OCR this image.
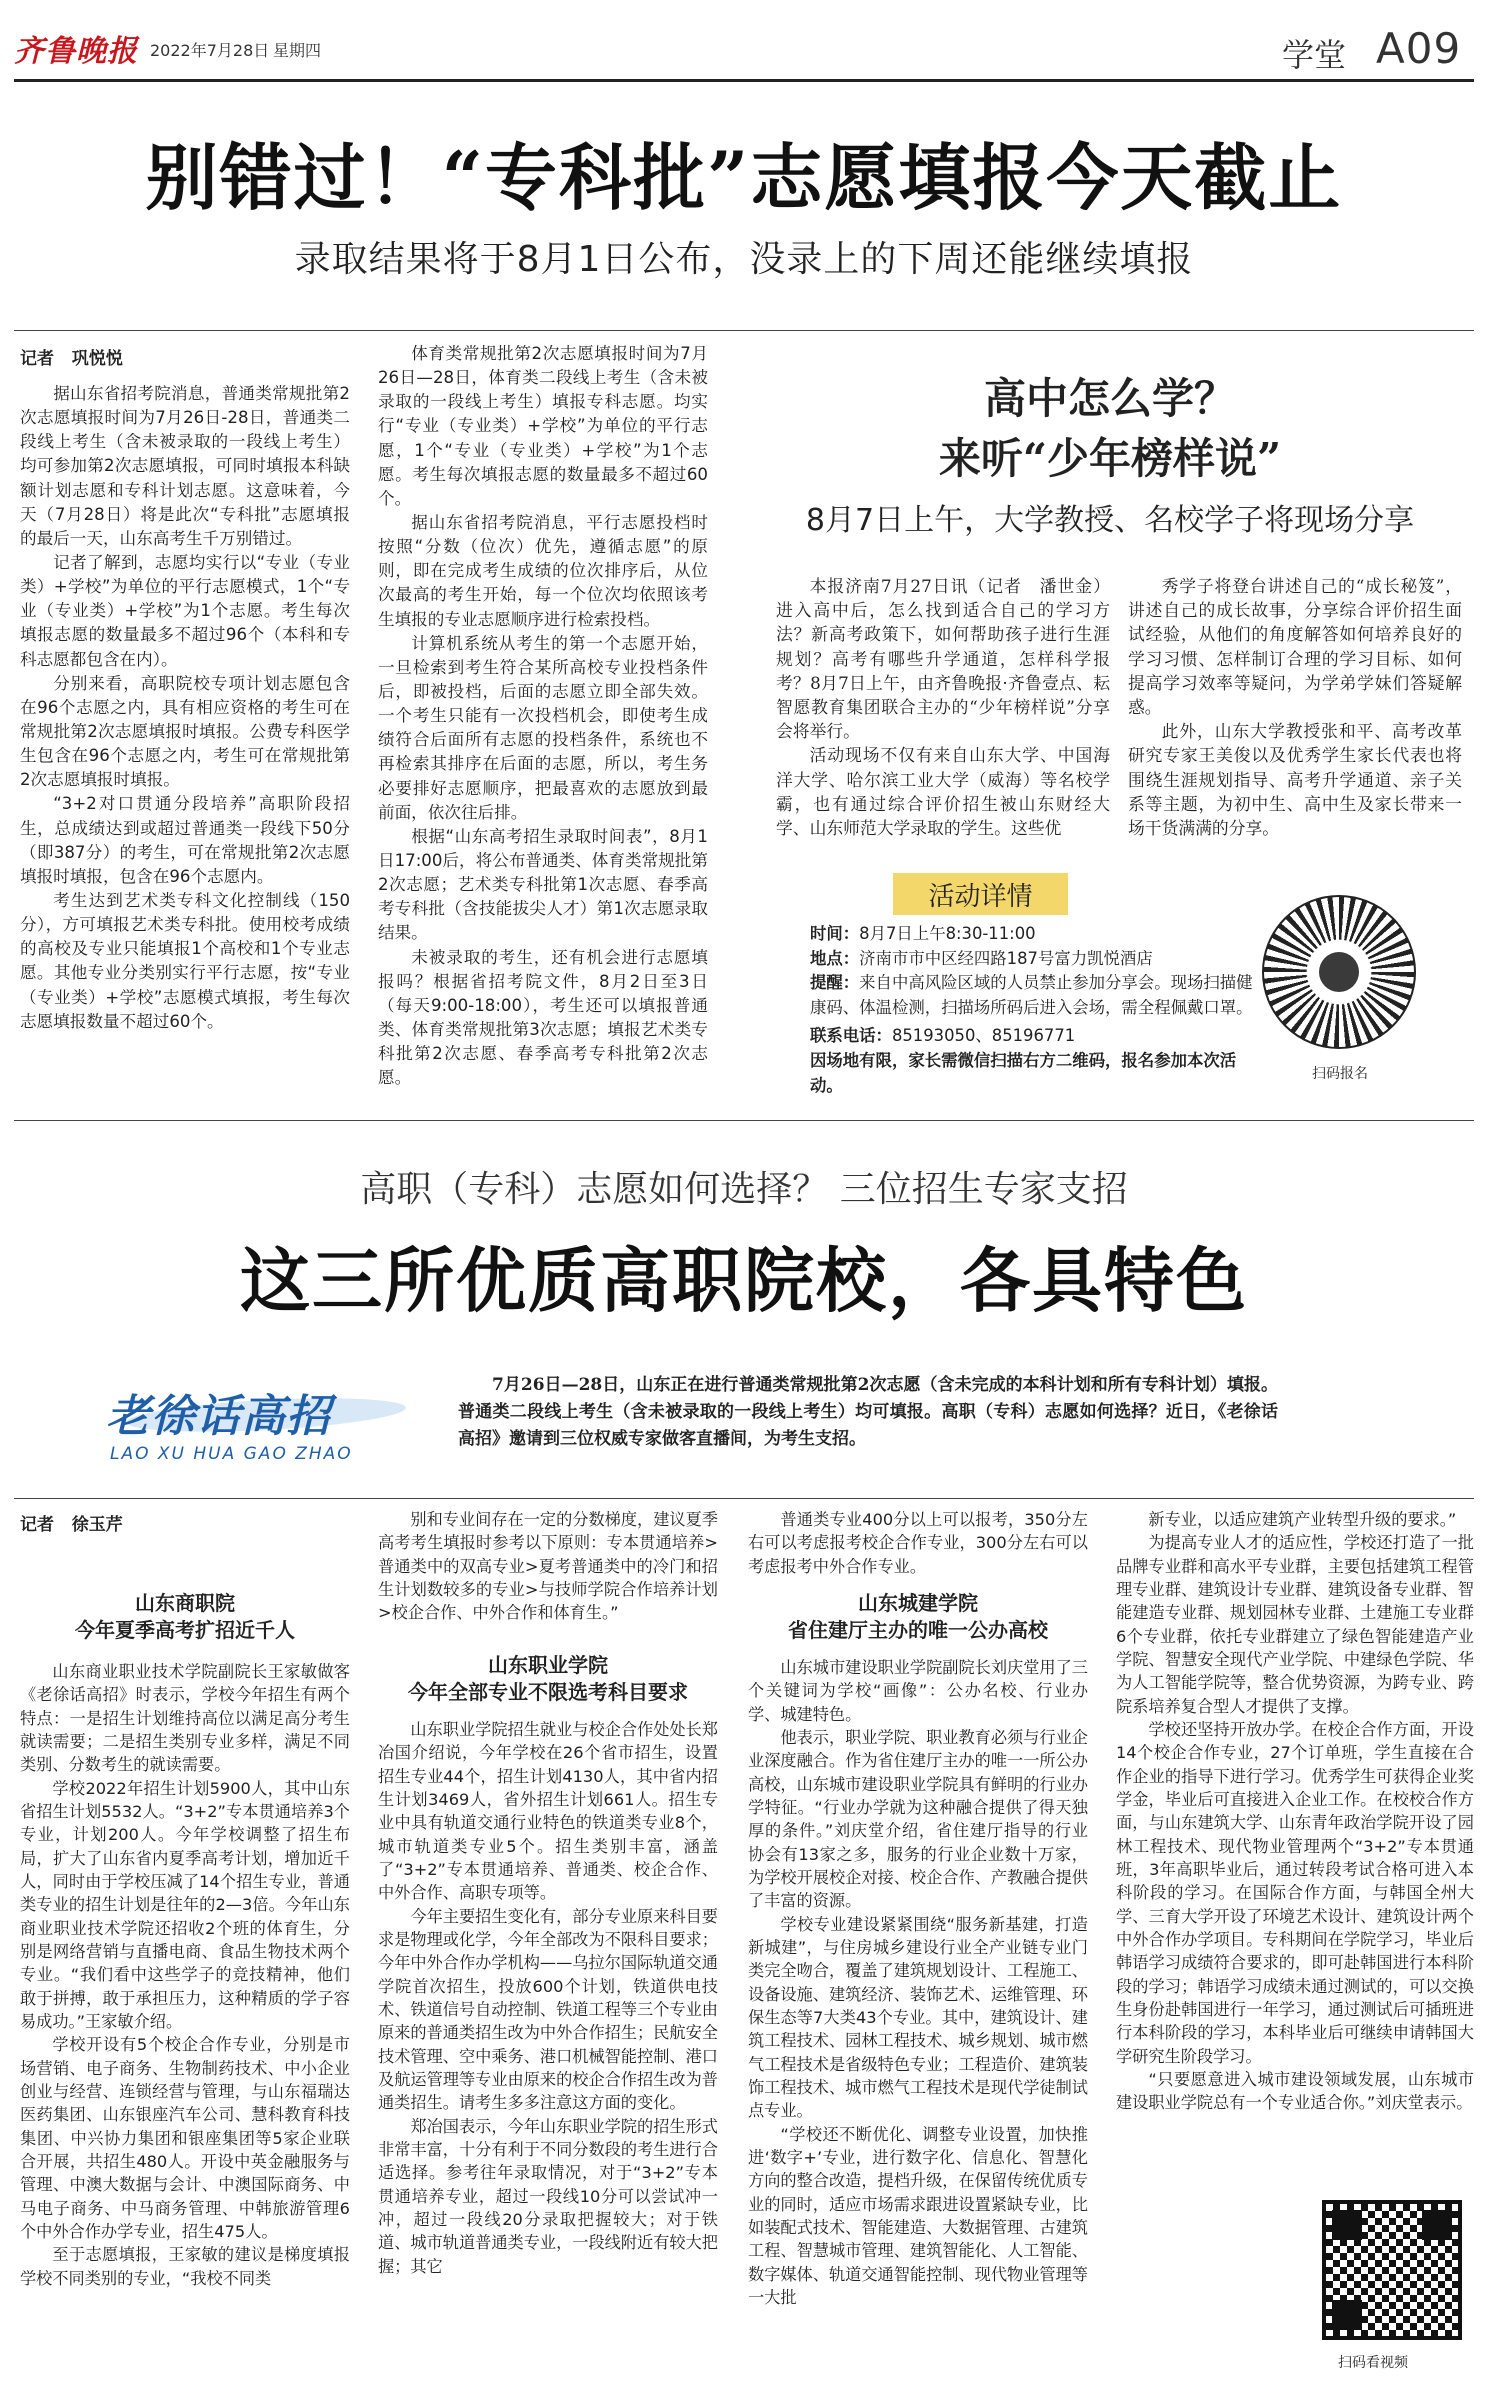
齐鲁晚报 2022年7月28日 星期四	学堂 A09
别错过！“专科批”志愿填报今天截止
录取结果将于8月1日公布，没录上的下周还能继续填报
记者 巩悦悦

据山东省招考院消息，普通类常规批第2次志愿填报时间为7月26日-28日，普通类二段线上考生（含未被录取的一段线上考生）均可参加第2次志愿填报，可同时填报本科缺额计划志愿和专科计划志愿。这意味着，今天（7月28日）将是此次“专科批”志愿填报的最后一天，山东高考生千万别错过。

记者了解到，志愿均实行以“专业（专业类）+学校”为单位的平行志愿模式，1个“专业（专业类）+学校”为1个志愿。考生每次填报志愿的数量最多不超过96个（本科和专科志愿都包含在内）。

分别来看，高职院校专项计划志愿包含在96个志愿之内，具有相应资格的考生可在常规批第2次志愿填报时填报。公费专科医学生包含在96个志愿之内，考生可在常规批第2次志愿填报时填报。

“3+2对口贯通分段培养”高职阶段招生，总成绩达到或超过普通类一段线下50分（即387分）的考生，可在常规批第2次志愿填报时填报，包含在96个志愿内。

考生达到艺术类专科文化控制线（150分），方可填报艺术类专科批。使用校考成绩的高校及专业只能填报1个高校和1个专业志愿。其他专业分类别实行平行志愿，按“专业（专业类）+学校”志愿模式填报，考生每次志愿填报数量不超过60个。

体育类常规批第2次志愿填报时间为7月26日—28日，体育类二段线上考生（含未被录取的一段线上考生）填报专科志愿。均实行“专业（专业类）+学校”为单位的平行志愿，1个“专业（专业类）+学校”为1个志愿。考生每次填报志愿的数量最多不超过60个。

据山东省招考院消息，平行志愿投档时按照“分数（位次）优先，遵循志愿”的原则，即在完成考生成绩的位次排序后，从位次最高的考生开始，每一个位次均依照该考生填报的专业志愿顺序进行检索投档。

计算机系统从考生的第一个志愿开始，一旦检索到考生符合某所高校专业投档条件后，即被投档，后面的志愿立即全部失效。一个考生只能有一次投档机会，即使考生成绩符合后面所有志愿的投档条件，系统也不再检索其排序在后面的志愿，所以，考生务必要排好志愿顺序，把最喜欢的志愿放到最前面，依次往后排。

根据“山东高考招生录取时间表”，8月1日17:00后，将公布普通类、体育类常规批第2次志愿；艺术类专科批第1次志愿、春季高考专科批（含技能拔尖人才）第1次志愿录取结果。

未被录取的考生，还有机会进行志愿填报吗？根据省招考院文件，8月2日至3日（每天9:00-18:00），考生还可以填报普通类、体育类常规批第3次志愿；填报艺术类专科批第2次志愿、春季高考专科批第2次志愿。

高中怎么学？
来听“少年榜样说”
8月7日上午，大学教授、名校学子将现场分享

本报济南7月27日讯（记者　潘世金）进入高中后，怎么找到适合自己的学习方法？新高考政策下，如何帮助孩子进行生涯规划？高考有哪些升学通道，怎样科学报考？8月7日上午，由齐鲁晚报·齐鲁壹点、耘智愿教育集团联合主办的“少年榜样说”分享会将举行。

活动现场不仅有来自山东大学、中国海洋大学、哈尔滨工业大学（威海）等名校学霸，也有通过综合评价招生被山东财经大学、山东师范大学录取的学生。这些优

秀学子将登台讲述自己的“成长秘笈”，讲述自己的成长故事，分享综合评价招生面试经验，从他们的角度解答如何培养良好的学习习惯、怎样制订合理的学习目标、如何提高学习效率等疑问，为学弟学妹们答疑解惑。

此外，山东大学教授张和平、高考改革研究专家王美俊以及优秀学生家长代表也将围绕生涯规划指导、高考升学通道、亲子关系等主题，为初中生、高中生及家长带来一场干货满满的分享。

活动详情
时间：8月7日上午8:30-11:00
地点：济南市市中区经四路187号富力凯悦酒店
提醒：来自中高风险区域的人员禁止参加分享会。现场扫描健康码、体温检测，扫描场所码后进入会场，需全程佩戴口罩。
联系电话：85193050、85196771
因场地有限，家长需微信扫描右方二维码，报名参加本次活动。
扫码报名
高职（专科）志愿如何选择？ 三位招生专家支招
这三所优质高职院校，各具特色
老徐话高招
LAO XU HUA GAO ZHAO
7月26日—28日，山东正在进行普通类常规批第2次志愿（含未完成的本科计划和所有专科计划）填报。普通类二段线上考生（含未被录取的一段线上考生）均可填报。高职（专科）志愿如何选择？近日，《老徐话高招》邀请到三位权威专家做客直播间，为考生支招。
记者 徐玉芹
山东商职院
今年夏季高考扩招近千人

山东商业职业技术学院副院长王家敏做客《老徐话高招》时表示，学校今年招生有两个特点：一是招生计划维持高位以满足高分考生就读需要；二是招生类别专业多样，满足不同类别、分数考生的就读需要。

学校2022年招生计划5900人，其中山东省招生计划5532人。“3+2”专本贯通培养3个专业，计划200人。今年学校调整了招生布局，扩大了山东省内夏季高考计划，增加近千人，同时由于学校压减了14个招生专业，普通类专业的招生计划是往年的2—3倍。今年山东商业职业技术学院还招收2个班的体育生，分别是网络营销与直播电商、食品生物技术两个专业。“我们看中这些学子的竞技精神，他们敢于拼搏，敢于承担压力，这种精质的学子容易成功。”王家敏介绍。

学校开设有5个校企合作专业，分别是市场营销、电子商务、生物制药技术、中小企业创业与经营、连锁经营与管理，与山东福瑞达医药集团、山东银座汽车公司、慧科教育科技集团、中兴协力集团和银座集团等5家企业联合开展，共招生480人。开设中英金融服务与管理、中澳大数据与会计、中澳国际商务、中马电子商务、中马商务管理、中韩旅游管理6个中外合作办学专业，招生475人。

至于志愿填报，王家敏的建议是梯度填报学校不同类别的专业，“我校不同类

别和专业间存在一定的分数梯度，建议夏季高考考生填报时参考以下原则：专本贯通培养>普通类中的双高专业>夏考普通类中的冷门和招生计划数较多的专业>与技师学院合作培养计划>校企合作、中外合作和体育生。”

山东职业学院
今年全部专业不限选考科目要求

山东职业学院招生就业与校企合作处处长郑冶国介绍说，今年学校在26个省市招生，设置招生专业44个，招生计划4130人，其中省内招生计划3469人，省外招生计划661人。招生专业中具有轨道交通行业特色的铁道类专业8个，城市轨道类专业5个。招生类别丰富，涵盖了“3+2”专本贯通培养、普通类、校企合作、中外合作、高职专项等。

今年主要招生变化有，部分专业原来科目要求是物理或化学，今年全部改为不限科目要求；今年中外合作办学机构——乌拉尔国际轨道交通学院首次招生，投放600个计划，铁道供电技术、铁道信号自动控制、铁道工程等三个专业由原来的普通类招生改为中外合作招生；民航安全技术管理、空中乘务、港口机械智能控制、港口及航运管理等专业由原来的校企合作招生改为普通类招生。请考生多多注意这方面的变化。

郑冶国表示，今年山东职业学院的招生形式非常丰富，十分有利于不同分数段的考生进行合适选择。参考往年录取情况，对于“3+2”专本贯通培养专业，超过一段线10分可以尝试冲一冲，超过一段线20分录取把握较大；对于铁道、城市轨道普通类专业，一段线附近有较大把握；其它

普通类专业400分以上可以报考，350分左右可以考虑报考校企合作专业，300分左右可以考虑报考中外合作专业。

山东城建学院
省住建厅主办的唯一公办高校

山东城市建设职业学院副院长刘庆堂用了三个关键词为学校“画像”：公办名校、行业办学、城建特色。

他表示，职业学院、职业教育必须与行业企业深度融合。作为省住建厅主办的唯一一所公办高校，山东城市建设职业学院具有鲜明的行业办学特征。“行业办学就为这种融合提供了得天独厚的条件。”刘庆堂介绍，省住建厅指导的行业协会有13家之多，服务的行业企业数十万家，为学校开展校企对接、校企合作、产教融合提供了丰富的资源。

学校专业建设紧紧围绕“服务新基建，打造新城建”，与住房城乡建设行业全产业链专业门类完全吻合，覆盖了建筑规划设计、工程施工、设备设施、建筑经济、装饰艺术、运维管理、环保生态等7大类43个专业。其中，建筑设计、建筑工程技术、园林工程技术、城乡规划、城市燃气工程技术是省级特色专业；工程造价、建筑装饰工程技术、城市燃气工程技术是现代学徒制试点专业。

“学校还不断优化、调整专业设置，加快推进‘数字+’专业，进行数字化、信息化、智慧化方向的整合改造，提档升级，在保留传统优质专业的同时，适应市场需求跟进设置紧缺专业，比如装配式技术、智能建造、大数据管理、古建筑工程、智慧城市管理、建筑智能化、人工智能、数字媒体、轨道交通智能控制、现代物业管理等一大批

新专业，以适应建筑产业转型升级的要求。”

为提高专业人才的适应性，学校还打造了一批品牌专业群和高水平专业群，主要包括建筑工程管理专业群、建筑设计专业群、建筑设备专业群、智能建造专业群、规划园林专业群、土建施工专业群6个专业群，依托专业群建立了绿色智能建造产业学院、智慧安全现代产业学院、中建绿色学院、华为人工智能学院等，整合优势资源，为跨专业、跨院系培养复合型人才提供了支撑。

学校还坚持开放办学。在校企合作方面，开设14个校企合作专业，27个订单班，学生直接在合作企业的指导下进行学习。优秀学生可获得企业奖学金，毕业后可直接进入企业工作。在校校合作方面，与山东建筑大学、山东青年政治学院开设了园林工程技术、现代物业管理两个“3+2”专本贯通班，3年高职毕业后，通过转段考试合格可进入本科阶段的学习。在国际合作方面，与韩国全州大学、三育大学开设了环境艺术设计、建筑设计两个中外合作办学项目。专科期间在学院学习，毕业后韩语学习成绩符合要求的，即可赴韩国进行本科阶段的学习；韩语学习成绩未通过测试的，可以交换生身份赴韩国进行一年学习，通过测试后可插班进行本科阶段的学习，本科毕业后可继续申请韩国大学研究生阶段学习。

“只要愿意进入城市建设领域发展，山东城市建设职业学院总有一个专业适合你。”刘庆堂表示。

扫码看视频
